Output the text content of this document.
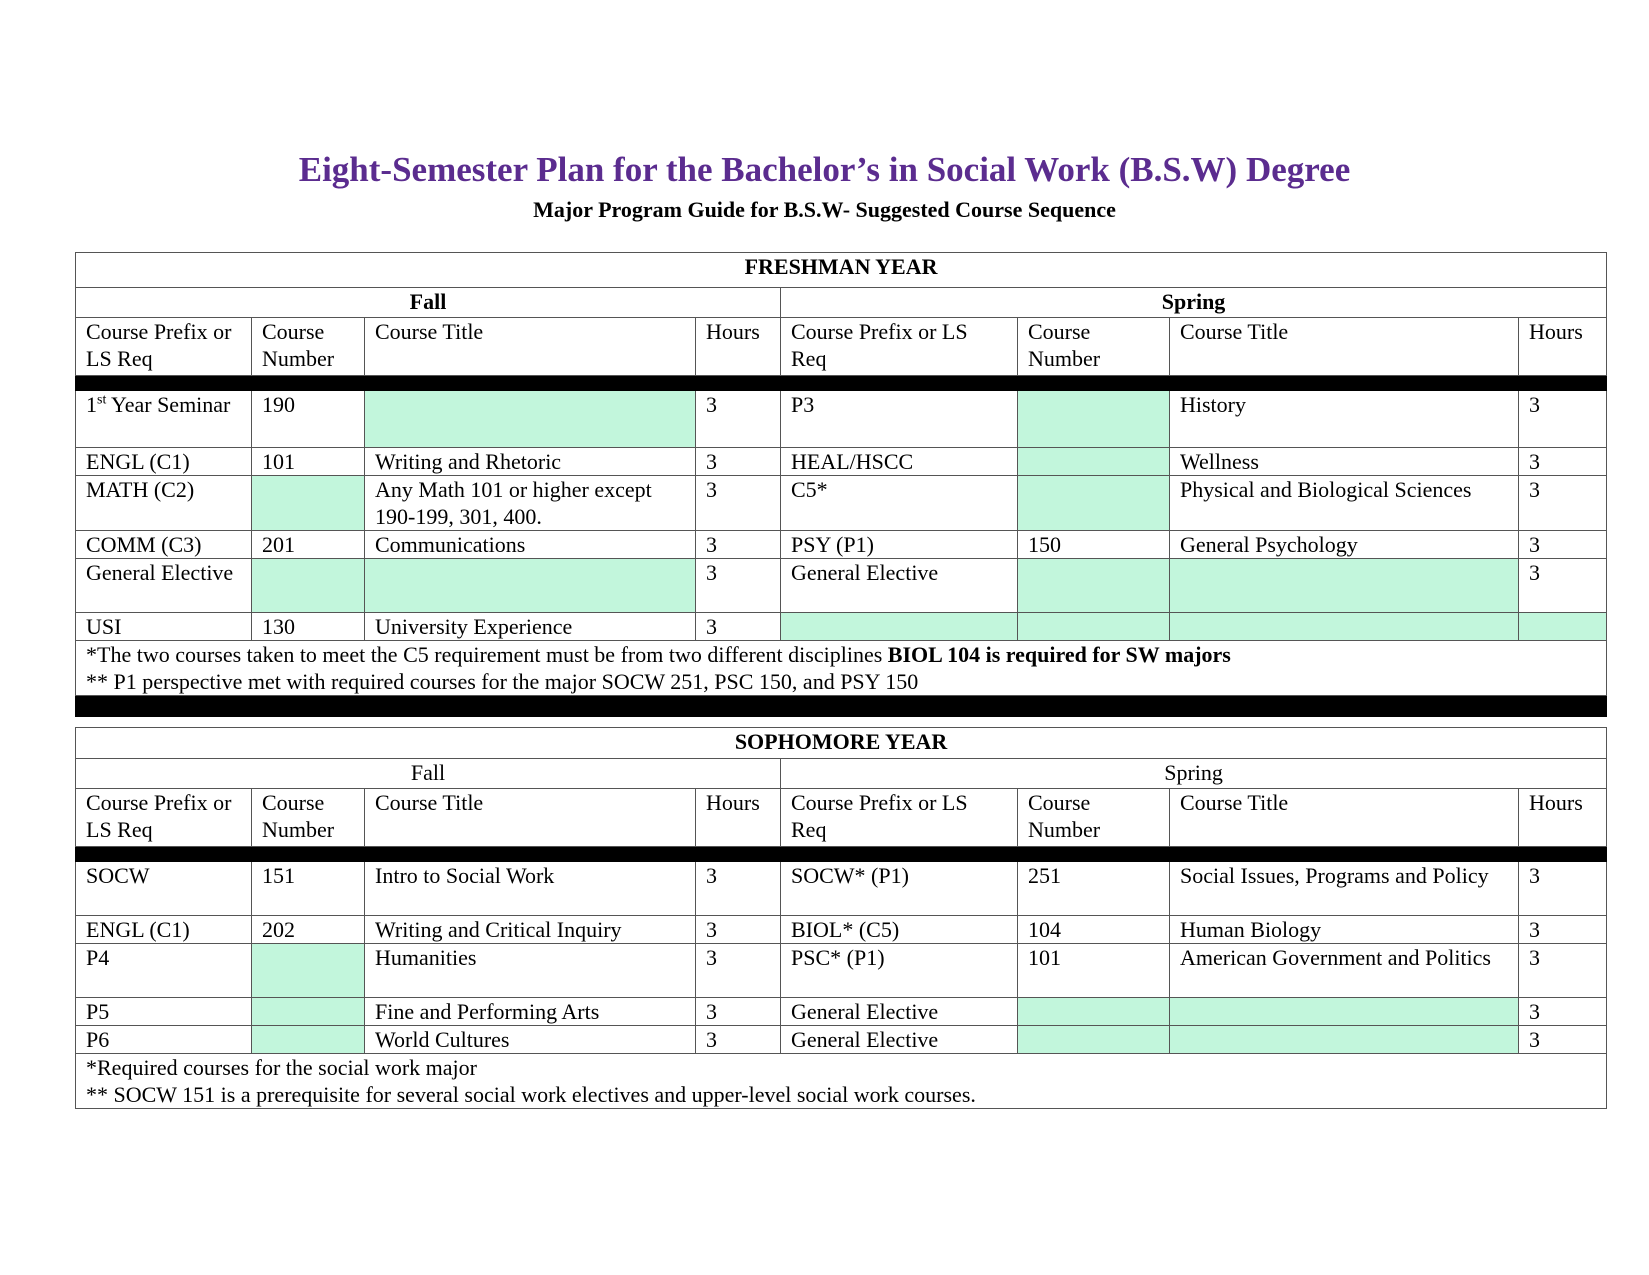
Eight-Semester Plan for the Bachelor’s in Social Work (B.S.W) Degree
Major Program Guide for B.S.W- Suggested Course Sequence
FRESHMAN YEAR							
Fall				Spring			
Course Prefix or LS Req	Course Number	Course Title	Hours	Course Prefix or LS Req	Course Number	Course Title	Hours

1st Year Seminar	190		3	P3		History	3
ENGL (C1)	101	Writing and Rhetoric	3	HEAL/HSCC		Wellness	3
MATH (C2)		Any Math 101 or higher except 190-199, 301, 400.	3	C5*		Physical and Biological Sciences	3
COMM (C3)	201	Communications	3	PSY (P1)	150	General Psychology	3
General Elective			3	General Elective			3
USI	130	University Experience	3				
*The two courses taken to meet the C5 requirement must be from two different disciplines BIOL 104 is required for SW majors
** P1 perspective met with required courses for the major SOCW 251, PSC 150, and PSY 150							

SOPHOMORE YEAR							
Fall				Spring			
Course Prefix or LS Req	Course Number	Course Title	Hours	Course Prefix or LS Req	Course Number	Course Title	Hours

SOCW	151	Intro to Social Work	3	SOCW* (P1)	251	Social Issues, Programs and Policy	3
ENGL (C1)	202	Writing and Critical Inquiry	3	BIOL* (C5)	104	Human Biology	3
P4		Humanities	3	PSC* (P1)	101	American Government and Politics	3
P5		Fine and Performing Arts	3	General Elective			3
P6		World Cultures	3	General Elective			3
*Required courses for the social work major
** SOCW 151 is a prerequisite for several social work electives and upper-level social work courses.							
